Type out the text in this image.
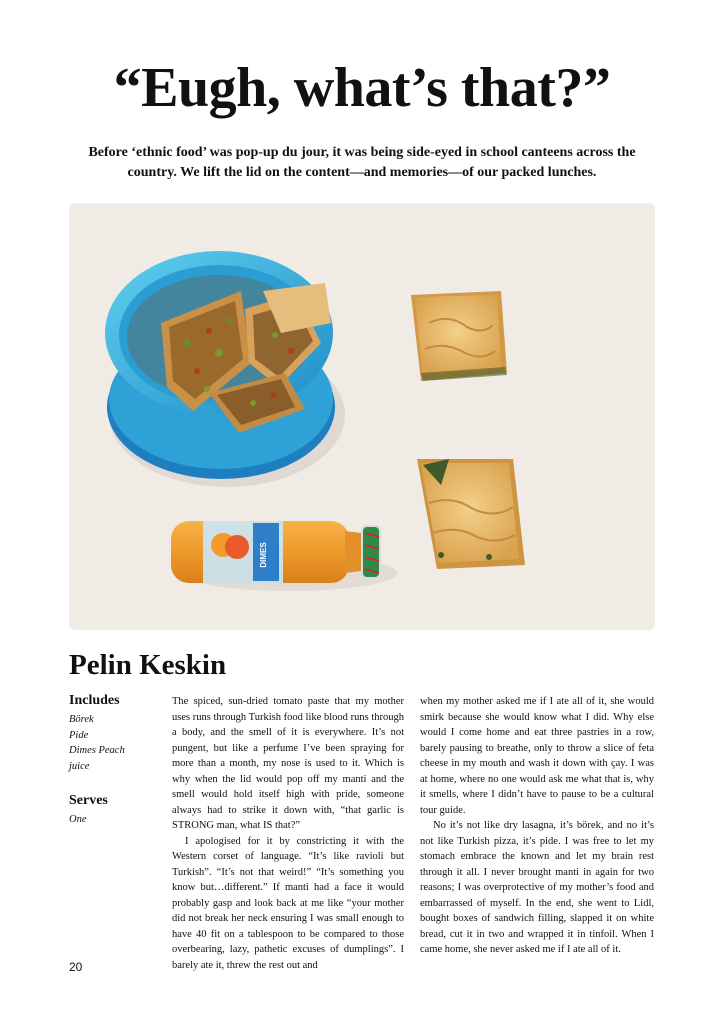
“Eugh, what’s that?”

Before ‘ethnic food’ was pop-up du jour, it was being side-eyed in school canteens across the country. We lift the lid on the content—and memories—of our packed lunches.

DIMES
Pelin Keskin

Includes

Börek

Pide

Dimes Peach

juice

Serves

One

The spiced, sun-dried tomato paste that my mother uses runs through Turkish food like blood runs through a body, and the smell of it is everywhere. It’s not pungent, but like a perfume I’ve been spraying for more than a month, my nose is used to it. Which is why when the lid would pop off my manti and the smell would hold itself high with pride, someone always had to strike it down with, “that garlic is STRONG man, what IS that?”

I apologised for it by constricting it with the Western corset of language. “It’s like ravioli but Turkish”. “It’s not that weird!” “It’s something you know but…different.” If manti had a face it would probably gasp and look back at me like “your mother did not break her neck ensuring I was small enough to have 40 fit on a tablespoon to be compared to those overbearing, lazy, pathetic excuses of dumplings”. I barely ate it, threw the rest out and

when my mother asked me if I ate all of it, she would smirk because she would know what I did. Why else would I come home and eat three pastries in a row, barely pausing to breathe, only to throw a slice of feta cheese in my mouth and wash it down with çay. I was at home, where no one would ask me what that is, why it smells, where I didn’t have to pause to be a cultural tour guide.

No it’s not like dry lasagna, it’s börek, and no it’s not like Turkish pizza, it’s pide. I was free to let my stomach embrace the known and let my brain rest through it all. I never brought manti in again for two reasons; I was overprotective of my mother’s food and embarrassed of myself. In the end, she went to Lidl, bought boxes of sandwich filling, slapped it on white bread, cut it in two and wrapped it in tinfoil. When I came home, she never asked me if I ate all of it.

20
